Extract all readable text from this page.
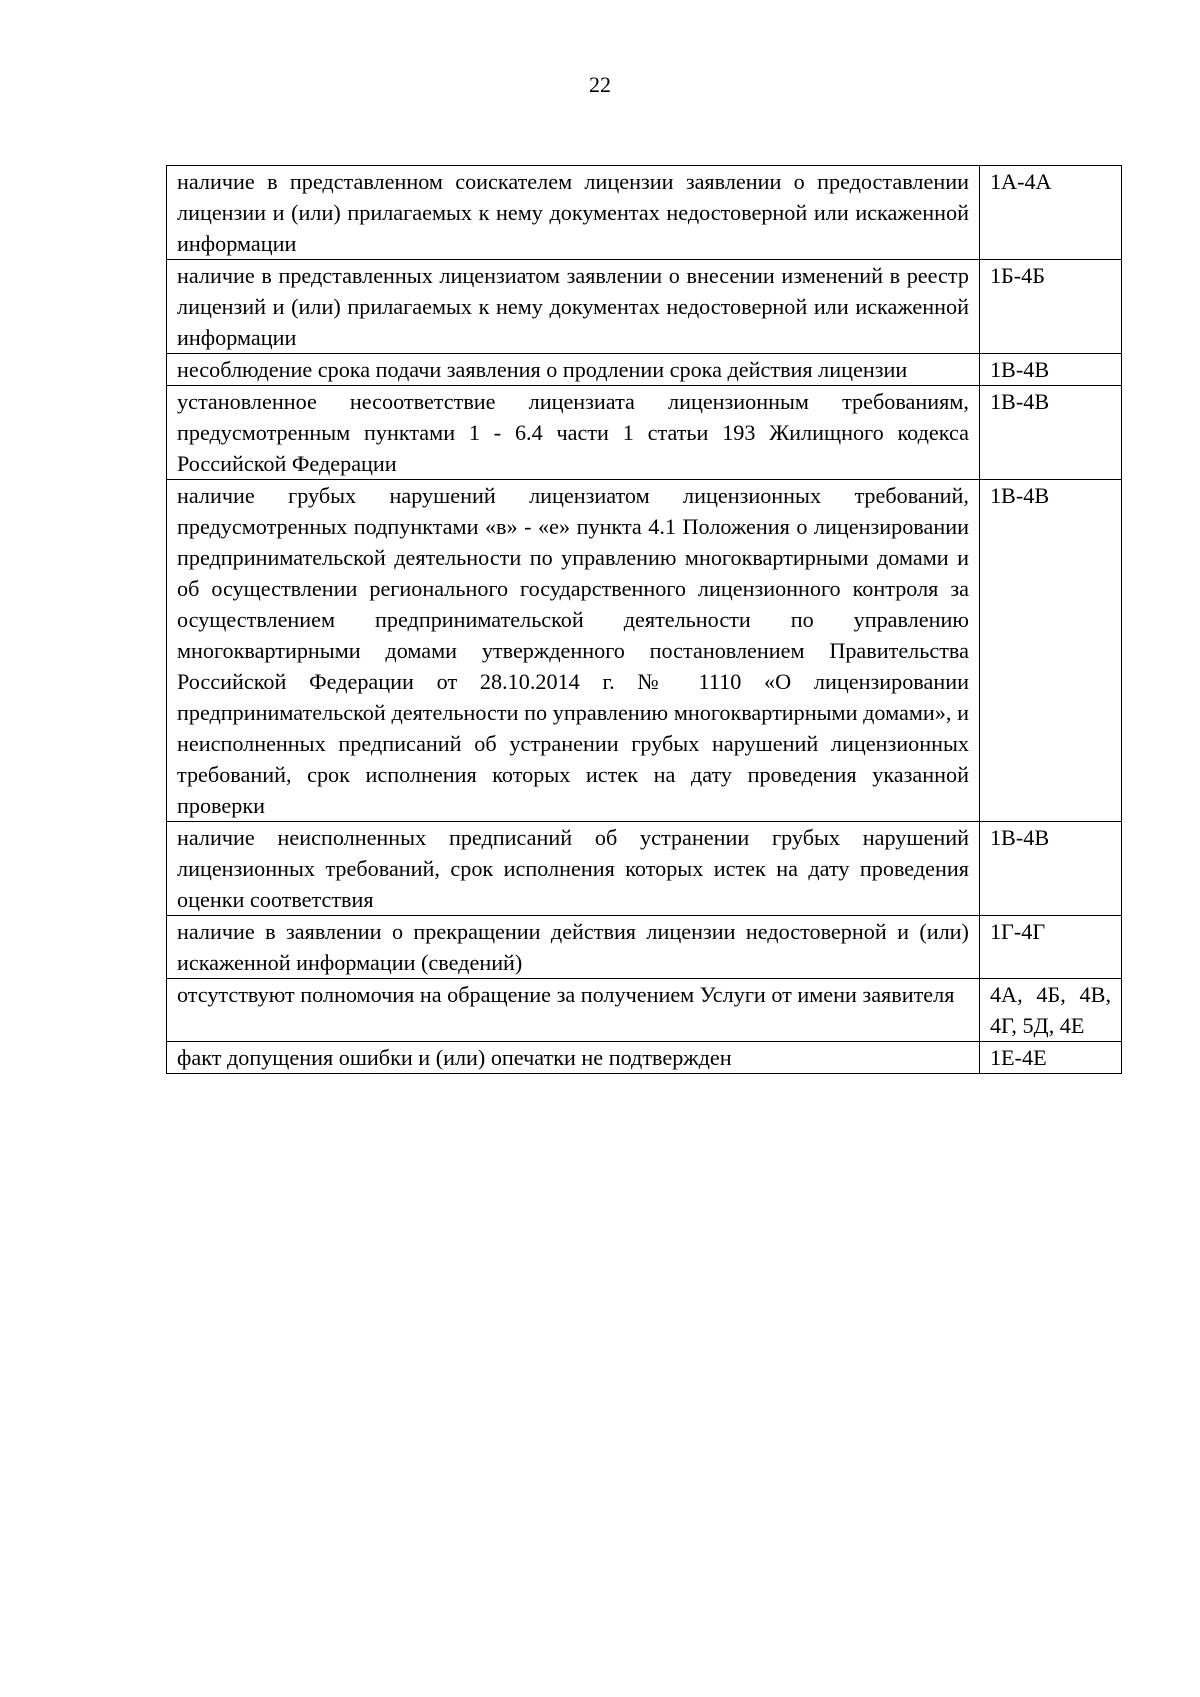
22
наличие в представленном соискателем лицензии заявлении о предоставлении лицензии и (или) прилагаемых к нему документах недостоверной или искаженной информации	1А-4А
наличие в представленных лицензиатом заявлении о внесении изменений в реестр лицензий и (или) прилагаемых к нему документах недостоверной или искаженной информации	1Б-4Б
несоблюдение срока подачи заявления о продлении срока действия лицензии	1В-4В
установленное несоответствие лицензиата лицензионным требованиям, предусмотренным пунктами 1 - 6.4 части 1 статьи 193 Жилищного кодекса Российской Федерации	1В-4В
наличие грубых нарушений лицензиатом лицензионных требований, предусмотренных подпунктами «в» - «е» пункта 4.1 Положения о лицензировании предпринимательской деятельности по управлению многоквартирными домами и об осуществлении регионального государственного лицензионного контроля за осуществлением предпринимательской деятельности по управлению многоквартирными домами утвержденного постановлением Правительства Российской Федерации от 28.10.2014 г. № 1110 «О лицензировании предпринимательской деятельности по управлению многоквартирными домами», и неисполненных предписаний об устранении грубых нарушений лицензионных требований, срок исполнения которых истек на дату проведения указанной проверки	1В-4В
наличие неисполненных предписаний об устранении грубых нарушений лицензионных требований, срок исполнения которых истек на дату проведения оценки соответствия	1В-4В
наличие в заявлении о прекращении действия лицензии недостоверной и (или) искаженной информации (сведений)	1Г-4Г
отсутствуют полномочия на обращение за получением Услуги от имени заявителя	4А, 4Б, 4В, 4Г, 5Д, 4Е
факт допущения ошибки и (или) опечатки не подтвержден	1Е-4Е
